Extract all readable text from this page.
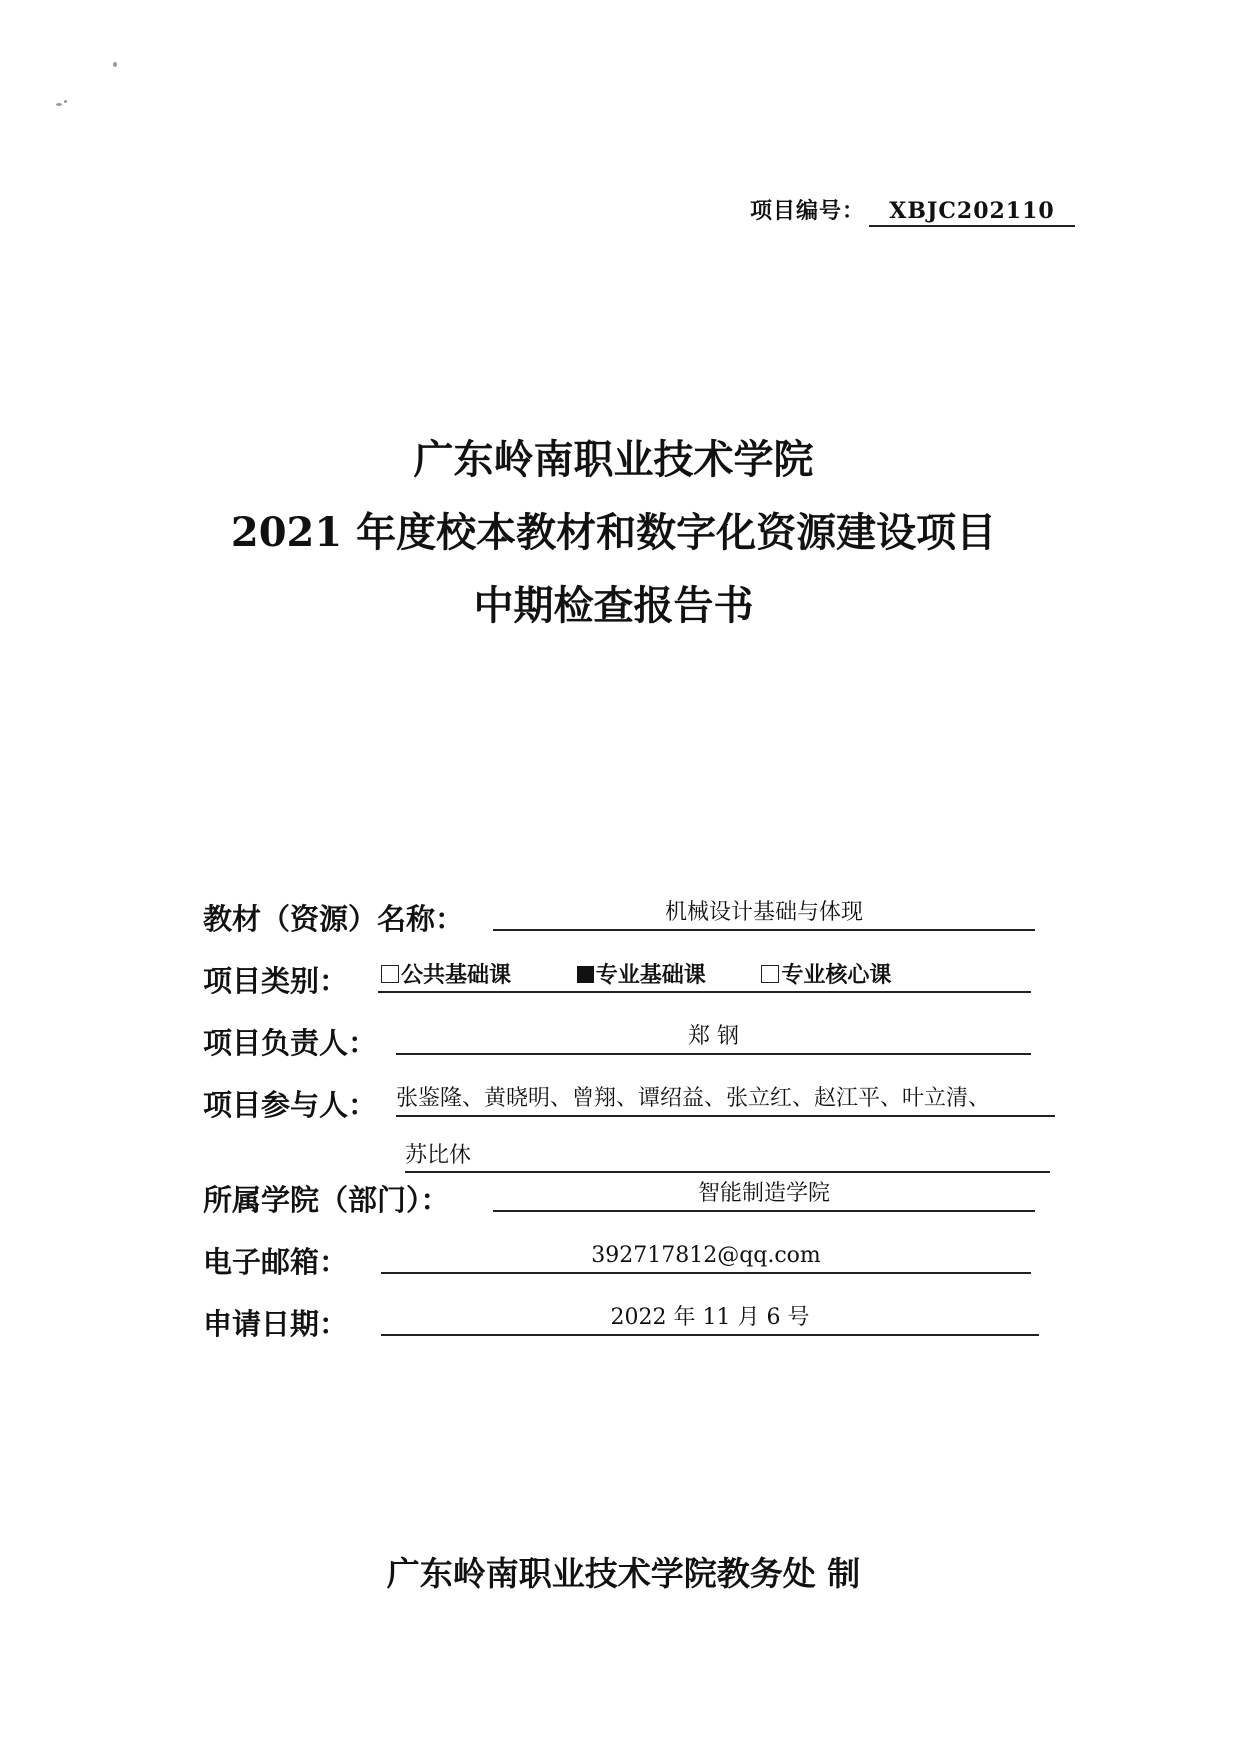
项目编号： XBJC202110
广东岭南职业技术学院
2021 年度校本教材和数字化资源建设项目
中期检查报告书
教材（资源）名称：	机械设计基础与体现
项目类别：	公共基础课	专业基础课	专业核心课
项目负责人：	郑 钢
项目参与人： 张鉴隆、黄晓明、曾翔、谭绍益、张立红、赵江平、叶立清、
苏比休
所属学院（部门）：	智能制造学院
电子邮箱：	392717812@qq.com
申请日期：	2022 年 11 月 6 号
广东岭南职业技术学院教务处 制
